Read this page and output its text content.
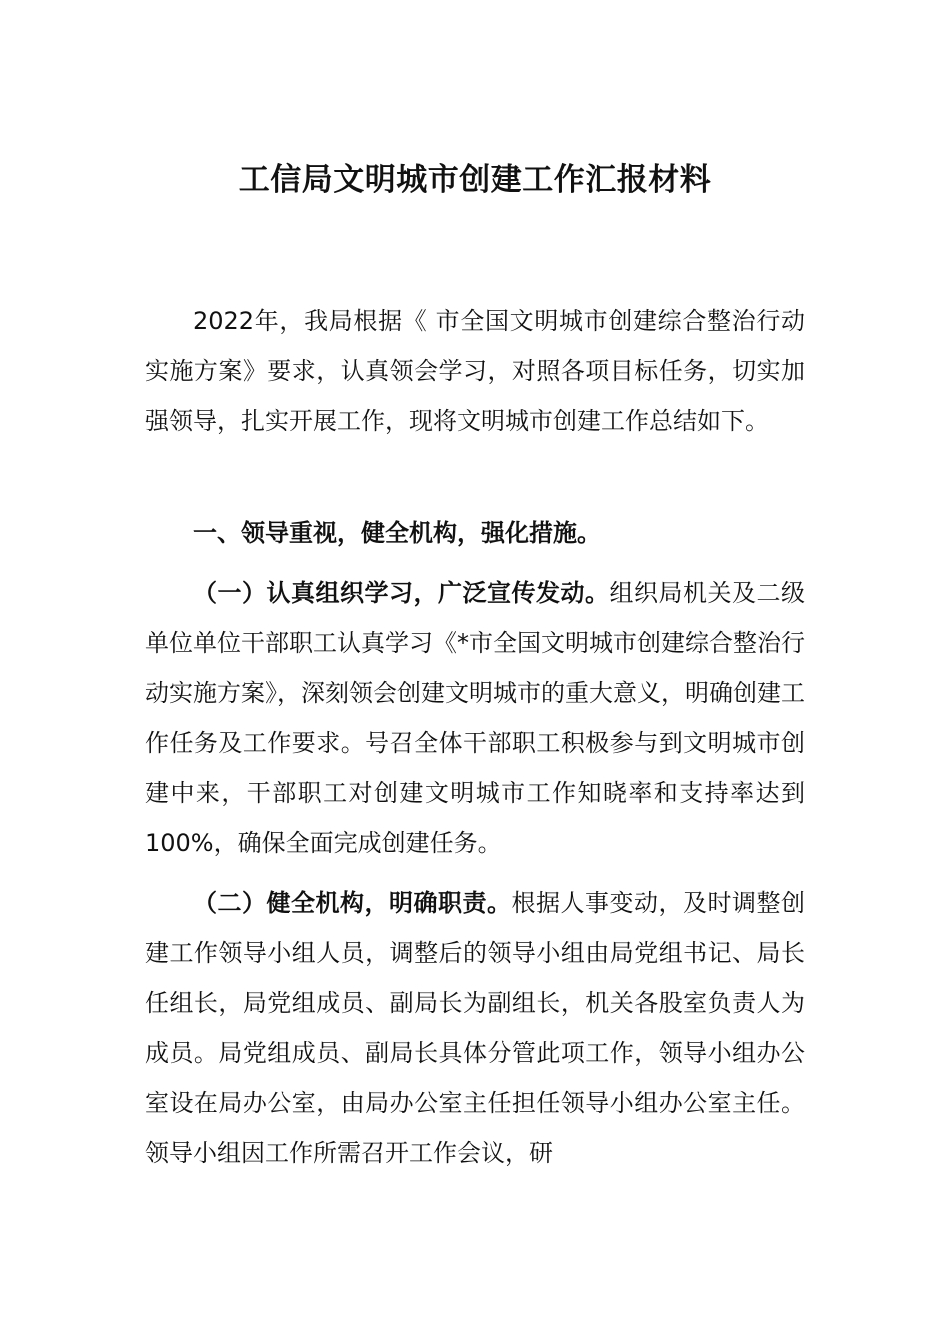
工信局文明城市创建工作汇报材料

2022年，我局根据《 市全国文明城市创建综合整治行动实施方案》要求，认真领会学习，对照各项目标任务，切实加强领导，扎实开展工作，现将文明城市创建工作总结如下。

一、领导重视，健全机构，强化措施。

（一）认真组织学习，广泛宣传发动。组织局机关及二级单位单位干部职工认真学习《*市全国文明城市创建综合整治行动实施方案》，深刻领会创建文明城市的重大意义，明确创建工作任务及工作要求。号召全体干部职工积极参与到文明城市创建中来，干部职工对创建文明城市工作知晓率和支持率达到100%，确保全面完成创建任务。

（二）健全机构，明确职责。根据人事变动，及时调整创建工作领导小组人员，调整后的领导小组由局党组书记、局长任组长，局党组成员、副局长为副组长，机关各股室负责人为成员。局党组成员、副局长具体分管此项工作，领导小组办公室设在局办公室，由局办公室主任担任领导小组办公室主任。领导小组因工作所需召开工作会议，研
